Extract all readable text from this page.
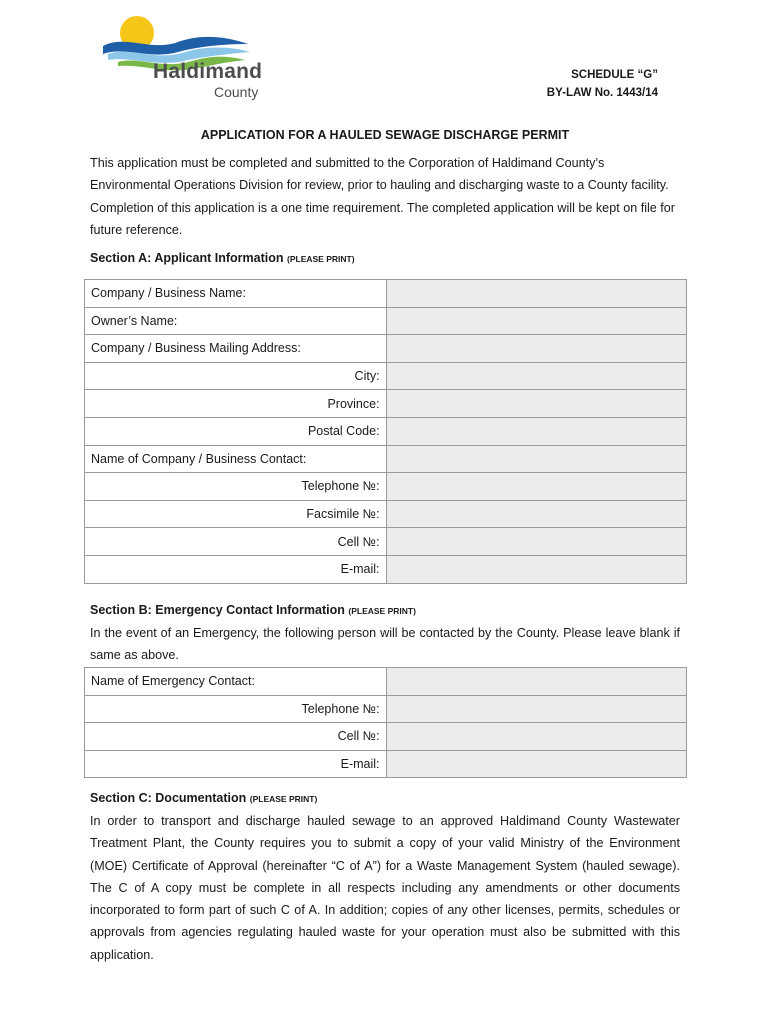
Haldimand
County
SCHEDULE “G”
BY-LAW No. 1443/14
APPLICATION FOR A HAULED SEWAGE DISCHARGE PERMIT
This application must be completed and submitted to the Corporation of Haldimand County’s Environmental Operations Division for review, prior to hauling and discharging waste to a County facility. Completion of this application is a one time requirement. The completed application will be kept on file for future reference.
Section A: Applicant Information (PLEASE PRINT)
Company / Business Name:	
Owner’s Name:	
Company / Business Mailing Address:	
City:	
Province:	
Postal Code:	
Name of Company / Business Contact:	
Telephone №:	
Facsimile №:	
Cell №:	
E-mail:	
Section B: Emergency Contact Information (PLEASE PRINT)
In the event of an Emergency, the following person will be contacted by the County. Please leave blank if same as above.
Name of Emergency Contact:	
Telephone №:	
Cell №:	
E-mail:	
Section C: Documentation (PLEASE PRINT)
In order to transport and discharge hauled sewage to an approved Haldimand County Wastewater Treatment Plant, the County requires you to submit a copy of your valid Ministry of the Environment (MOE) Certificate of Approval (hereinafter “C of A”) for a Waste Management System (hauled sewage). The C of A copy must be complete in all respects including any amendments or other documents incorporated to form part of such C of A. In addition; copies of any other licenses, permits, schedules or approvals from agencies regulating hauled waste for your operation must also be submitted with this application.
